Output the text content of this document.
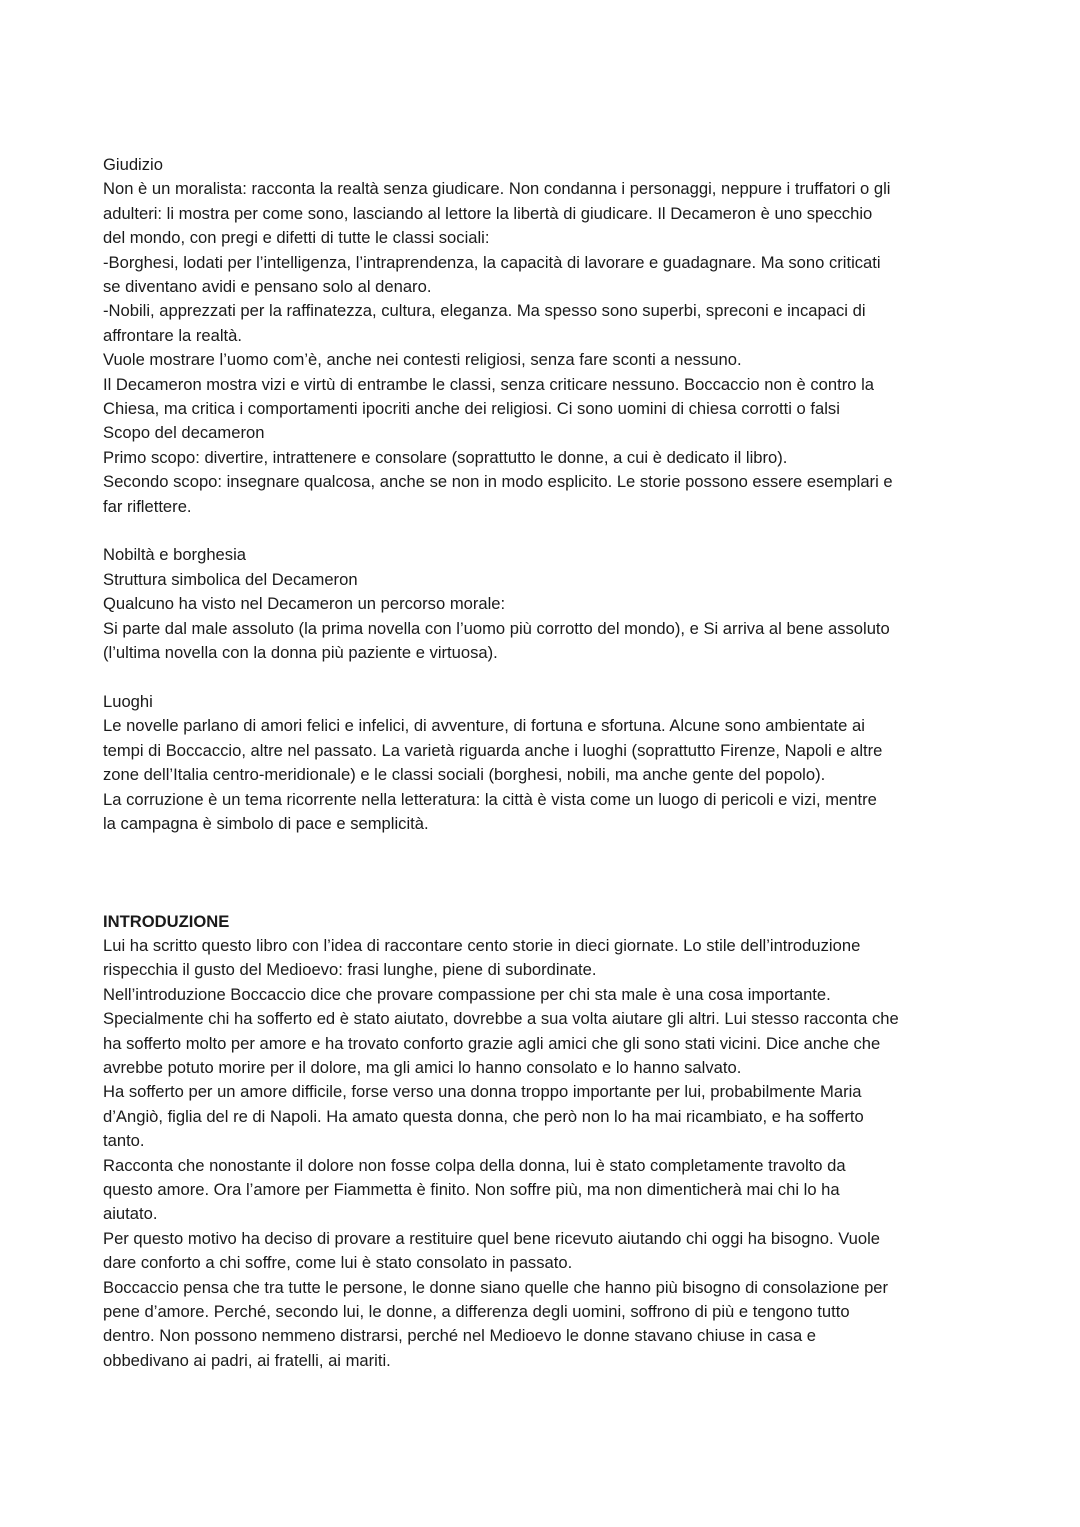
Giudizio
Non è un moralista: racconta la realtà senza giudicare. Non condanna i personaggi, neppure i truffatori o gli
adulteri: li mostra per come sono, lasciando al lettore la libertà di giudicare. Il Decameron è uno specchio
del mondo, con pregi e difetti di tutte le classi sociali:
-Borghesi, lodati per l’intelligenza, l’intraprendenza, la capacità di lavorare e guadagnare. Ma sono criticati
se diventano avidi e pensano solo al denaro.
-Nobili, apprezzati per la raffinatezza, cultura, eleganza. Ma spesso sono superbi, spreconi e incapaci di
affrontare la realtà.
Vuole mostrare l’uomo com’è, anche nei contesti religiosi, senza fare sconti a nessuno.
Il Decameron mostra vizi e virtù di entrambe le classi, senza criticare nessuno. Boccaccio non è contro la
Chiesa, ma critica i comportamenti ipocriti anche dei religiosi. Ci sono uomini di chiesa corrotti o falsi
Scopo del decameron
Primo scopo: divertire, intrattenere e consolare (soprattutto le donne, a cui è dedicato il libro).
Secondo scopo: insegnare qualcosa, anche se non in modo esplicito. Le storie possono essere esemplari e
far riflettere.
Nobiltà e borghesia
Struttura simbolica del Decameron
Qualcuno ha visto nel Decameron un percorso morale:
Si parte dal male assoluto (la prima novella con l’uomo più corrotto del mondo), e Si arriva al bene assoluto
(l’ultima novella con la donna più paziente e virtuosa).
Luoghi
Le novelle parlano di amori felici e infelici, di avventure, di fortuna e sfortuna. Alcune sono ambientate ai
tempi di Boccaccio, altre nel passato. La varietà riguarda anche i luoghi (soprattutto Firenze, Napoli e altre
zone dell’Italia centro-meridionale) e le classi sociali (borghesi, nobili, ma anche gente del popolo).
La corruzione è un tema ricorrente nella letteratura: la città è vista come un luogo di pericoli e vizi, mentre
la campagna è simbolo di pace e semplicità.
INTRODUZIONE
Lui ha scritto questo libro con l’idea di raccontare cento storie in dieci giornate. Lo stile dell’introduzione
rispecchia il gusto del Medioevo: frasi lunghe, piene di subordinate.
Nell’introduzione Boccaccio dice che provare compassione per chi sta male è una cosa importante.
Specialmente chi ha sofferto ed è stato aiutato, dovrebbe a sua volta aiutare gli altri. Lui stesso racconta che
ha sofferto molto per amore e ha trovato conforto grazie agli amici che gli sono stati vicini. Dice anche che
avrebbe potuto morire per il dolore, ma gli amici lo hanno consolato e lo hanno salvato.
Ha sofferto per un amore difficile, forse verso una donna troppo importante per lui, probabilmente Maria
d’Angiò, figlia del re di Napoli. Ha amato questa donna, che però non lo ha mai ricambiato, e ha sofferto
tanto.
Racconta che nonostante il dolore non fosse colpa della donna, lui è stato completamente travolto da
questo amore. Ora l’amore per Fiammetta è finito. Non soffre più, ma non dimenticherà mai chi lo ha
aiutato.
Per questo motivo ha deciso di provare a restituire quel bene ricevuto aiutando chi oggi ha bisogno. Vuole
dare conforto a chi soffre, come lui è stato consolato in passato.
Boccaccio pensa che tra tutte le persone, le donne siano quelle che hanno più bisogno di consolazione per
pene d’amore. Perché, secondo lui, le donne, a differenza degli uomini, soffrono di più e tengono tutto
dentro. Non possono nemmeno distrarsi, perché nel Medioevo le donne stavano chiuse in casa e
obbedivano ai padri, ai fratelli, ai mariti.
